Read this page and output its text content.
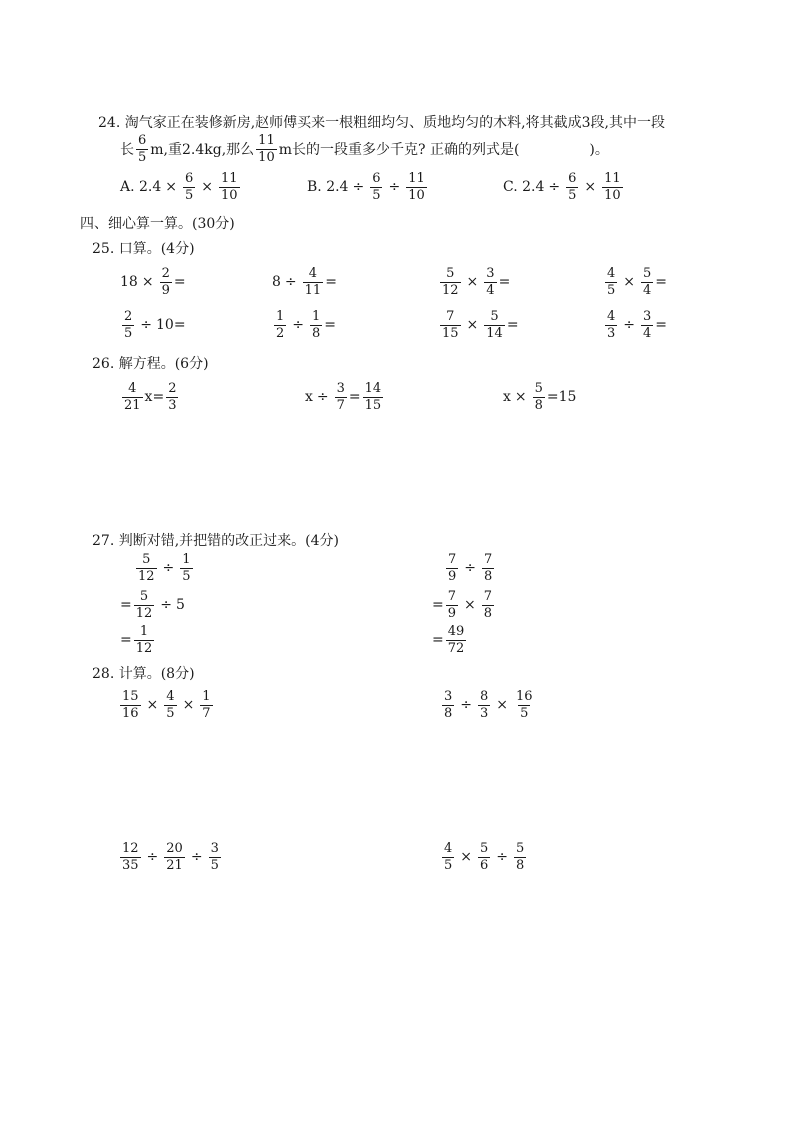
24. 淘气家正在装修新房,赵师傅买来一根粗细均匀、质地均匀的木料,将其截成3段,其中一段
长 $\frac{6}{5} m$,重2.4kg,那么 $\frac{11}{10}$ m长的一段重多少千克? 正确的列式是(	)。
A. $2.4 \times \frac{6}{5} \times \frac{11}{10}$	B. $2.4 \div \frac{6}{5} \div \frac{11}{10}$	C. $2.4 \div \frac{6}{5} \times \frac{11}{10}$
四、细心算一算。(30分)
25. 口算。(4分)
$18 \times \frac{2}{9}$ =	$8 \div \frac{4}{11}$ =	$\frac{5}{12} \times \frac{3}{4}$ =	$\frac{4}{5} \times \frac{5}{4}$ =
$\frac{2}{5} \div 10=$	$\frac{1}{2} \div \frac{1}{8}$ =	$\frac{7}{15} \times \frac{5}{14}$ =	$\frac{4}{3} \div \frac{3}{4}$ =
26. 解方程。(6分)
$\frac{4}{21} x= \frac{2}{3}$	$x \div \frac{3}{7} = \frac{14}{15}$	$x \times \frac{5}{8} =15$
27. 判断对错,并把错的改正过来。(4分)
$\frac{5}{12} \div \frac{1}{5}$
= $\frac{5}{12} \div 5$
= $\frac{1}{12}$
$\frac{7}{9} \div \frac{7}{8}$
= $\frac{7}{9} \times \frac{7}{8}$
= $\frac{49}{72}$
28. 计算。(8分)
$\frac{15}{16} \times \frac{4}{5} \times \frac{1}{7}$	$\frac{3}{8} \div \frac{8}{3} \times \frac{16}{5}$
$\frac{12}{35} \div \frac{20}{21} \div \frac{3}{5}$	$\frac{4}{5} \times \frac{5}{6} \div \frac{5}{8}$
